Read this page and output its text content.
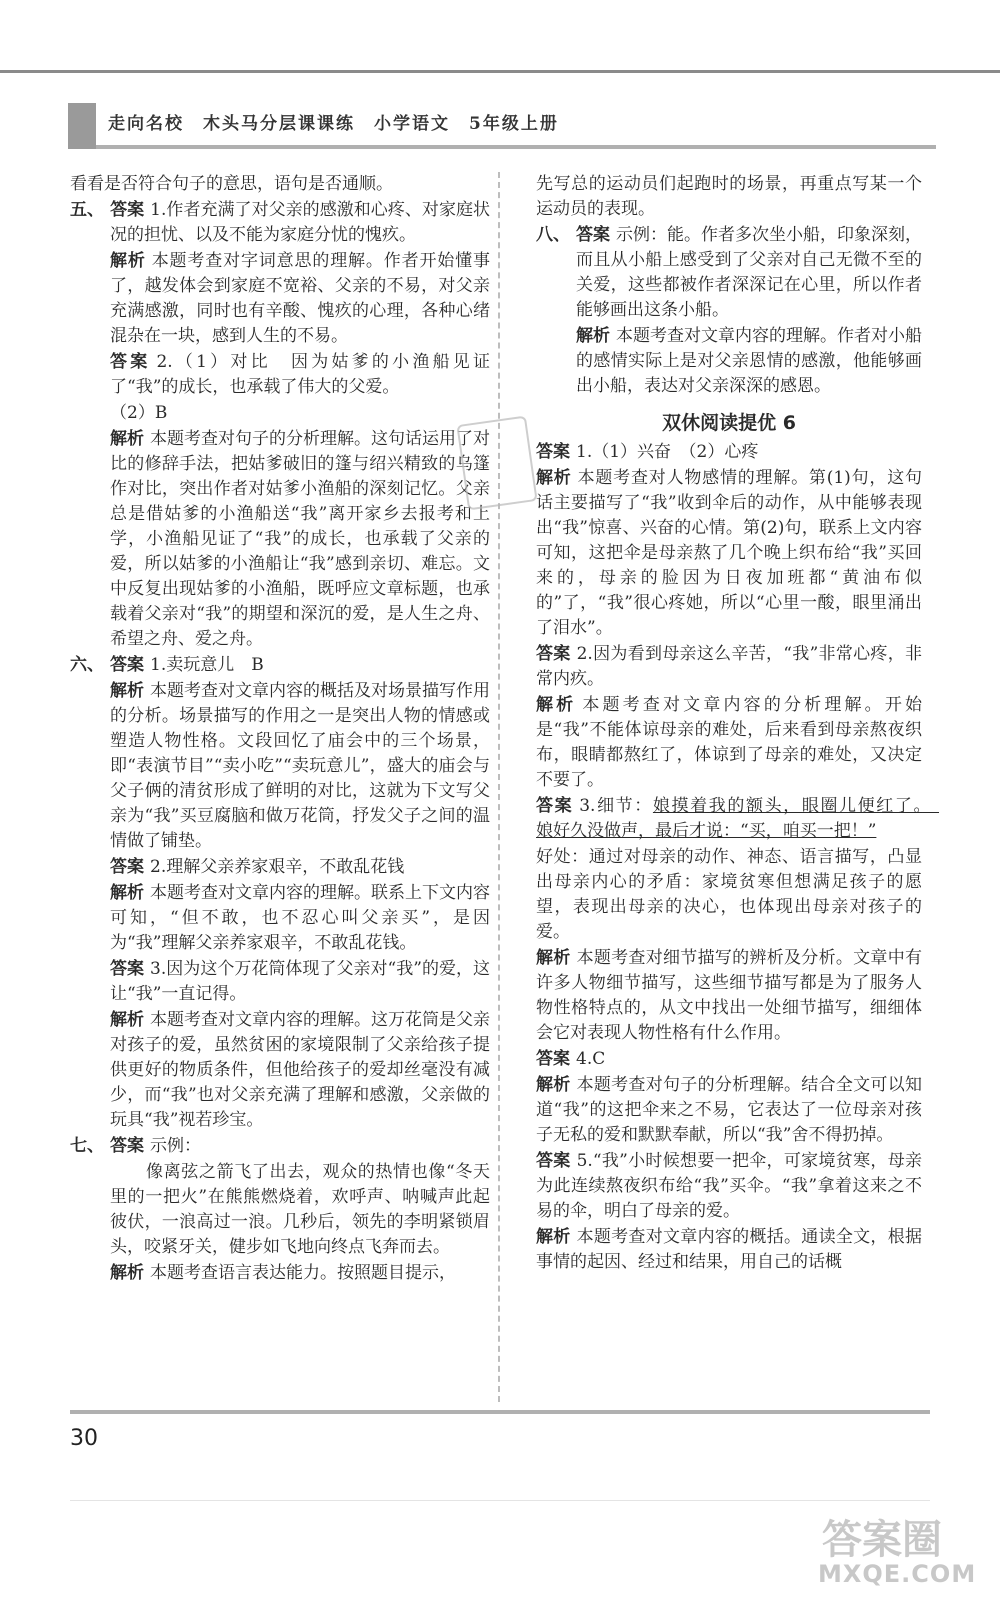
走向名校　木头马分层课课练　小学语文　5年级上册

看看是否符合句子的意思，语句是否通顺。

五、 答案 1.作者充满了对父亲的感激和心疼、对家庭状况的担忧、以及不能为家庭分忧的愧疚。

解析 本题考查对字词意思的理解。作者开始懂事了，越发体会到家庭不宽裕、父亲的不易，对父亲充满感激，同时也有辛酸、愧疚的心理，各种心绪混杂在一块，感到人生的不易。

答案 2.（1）对比　因为姑爹的小渔船见证了“我”的成长，也承载了伟大的父爱。

（2）B

解析 本题考查对句子的分析理解。这句话运用了对比的修辞手法，把姑爹破旧的篷与绍兴精致的乌篷作对比，突出作者对姑爹小渔船的深刻记忆。父亲总是借姑爹的小渔船送“我”离开家乡去报考和上学，小渔船见证了“我”的成长，也承载了父亲的爱，所以姑爹的小渔船让“我”感到亲切、难忘。文中反复出现姑爹的小渔船，既呼应文章标题，也承载着父亲对“我”的期望和深沉的爱，是人生之舟、希望之舟、爱之舟。

六、 答案 1.卖玩意儿　B

解析 本题考查对文章内容的概括及对场景描写作用的分析。场景描写的作用之一是突出人物的情感或塑造人物性格。文段回忆了庙会中的三个场景，即“表演节目”“卖小吃”“卖玩意儿”，盛大的庙会与父子俩的清贫形成了鲜明的对比，这就为下文写父亲为“我”买豆腐脑和做万花筒，抒发父子之间的温情做了铺垫。

答案 2.理解父亲养家艰辛，不敢乱花钱

解析 本题考查对文章内容的理解。联系上下文内容可知，“但不敢，也不忍心叫父亲买”，是因为“我”理解父亲养家艰辛，不敢乱花钱。

答案 3.因为这个万花筒体现了父亲对“我”的爱，这让“我”一直记得。

解析 本题考查对文章内容的理解。这万花筒是父亲对孩子的爱，虽然贫困的家境限制了父亲给孩子提供更好的物质条件，但他给孩子的爱却丝毫没有减少，而“我”也对父亲充满了理解和感激，父亲做的玩具“我”视若珍宝。

七、 答案 示例：

像离弦之箭飞了出去，观众的热情也像“冬天里的一把火”在熊熊燃烧着，欢呼声、呐喊声此起彼伏，一浪高过一浪。几秒后，领先的李明紧锁眉头，咬紧牙关，健步如飞地向终点飞奔而去。

解析 本题考查语言表达能力。按照题目提示，

先写总的运动员们起跑时的场景，再重点写某一个运动员的表现。

八、 答案 示例：能。作者多次坐小船，印象深刻，而且从小船上感受到了父亲对自己无微不至的关爱，这些都被作者深深记在心里，所以作者能够画出这条小船。

解析 本题考查对文章内容的理解。作者对小船的感情实际上是对父亲恩情的感激，他能够画出小船，表达对父亲深深的感恩。

双休阅读提优 6

答案 1.（1）兴奋　（2）心疼

解析 本题考查对人物感情的理解。第(1)句，这句话主要描写了“我”收到伞后的动作，从中能够表现出“我”惊喜、兴奋的心情。第(2)句，联系上文内容可知，这把伞是母亲熬了几个晚上织布给“我”买回来的，母亲的脸因为日夜加班都“黄油布似的”了，“我”很心疼她，所以“心里一酸，眼里涌出了泪水”。

答案 2.因为看到母亲这么辛苦，“我”非常心疼，非常内疚。

解析 本题考查对文章内容的分析理解。开始是“我”不能体谅母亲的难处，后来看到母亲熬夜织布，眼睛都熬红了，体谅到了母亲的难处，又决定不要了。

答案 3.细节：娘摸着我的额头，眼圈儿便红了。　娘好久没做声，最后才说：“买，咱买一把！”

好处：通过对母亲的动作、神态、语言描写，凸显出母亲内心的矛盾：家境贫寒但想满足孩子的愿望，表现出母亲的决心，也体现出母亲对孩子的爱。

解析 本题考查对细节描写的辨析及分析。文章中有许多人物细节描写，这些细节描写都是为了服务人物性格特点的，从文中找出一处细节描写，细细体会它对表现人物性格有什么作用。

答案 4.C

解析 本题考查对句子的分析理解。结合全文可以知道“我”的这把伞来之不易，它表达了一位母亲对孩子无私的爱和默默奉献，所以“我”舍不得扔掉。

答案 5.“我”小时候想要一把伞，可家境贫寒，母亲为此连续熬夜织布给“我”买伞。“我”拿着这来之不易的伞，明白了母亲的爱。

解析 本题考查对文章内容的概括。通读全文，根据事情的起因、经过和结果，用自己的话概

30
答案圈
MXQE.COM
